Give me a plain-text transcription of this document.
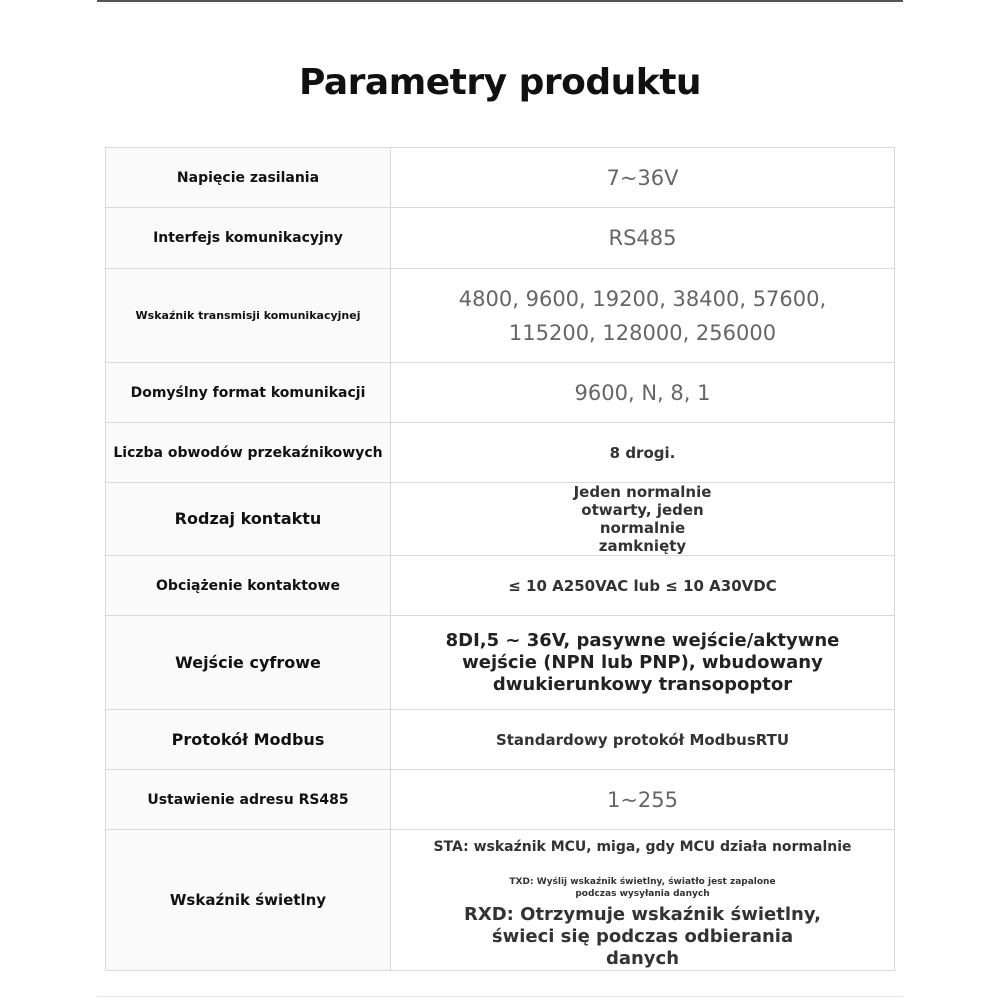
Parametry produktu
Napięcie zasilania	7~36V
Interfejs komunikacyjny	RS485
Wskaźnik transmisji komunikacyjnej	4800, 9600, 19200, 38400, 57600, 115200, 128000, 256000
Domyślny format komunikacji	9600, N, 8, 1
Liczba obwodów przekaźnikowych	8 drogi.
Rodzaj kontaktu	Jeden normalnie otwarty, jeden normalnie zamknięty
Obciążenie kontaktowe	≤ 10 A250VAC lub ≤ 10 A30VDC
Wejście cyfrowe	8DI,5 ~ 36V, pasywne wejście/aktywne wejście (NPN lub PNP), wbudowany dwukierunkowy transopoptor
Protokół Modbus	Standardowy protokół ModbusRTU
Ustawienie adresu RS485	1~255
Wskaźnik świetlny	STA: wskaźnik MCU, miga, gdy MCU działa normalnie
TXD: Wyślij wskaźnik świetlny, światło jest zapalone podczas wysyłania danych
RXD: Otrzymuje wskaźnik świetlny, świeci się podczas odbierania danych
